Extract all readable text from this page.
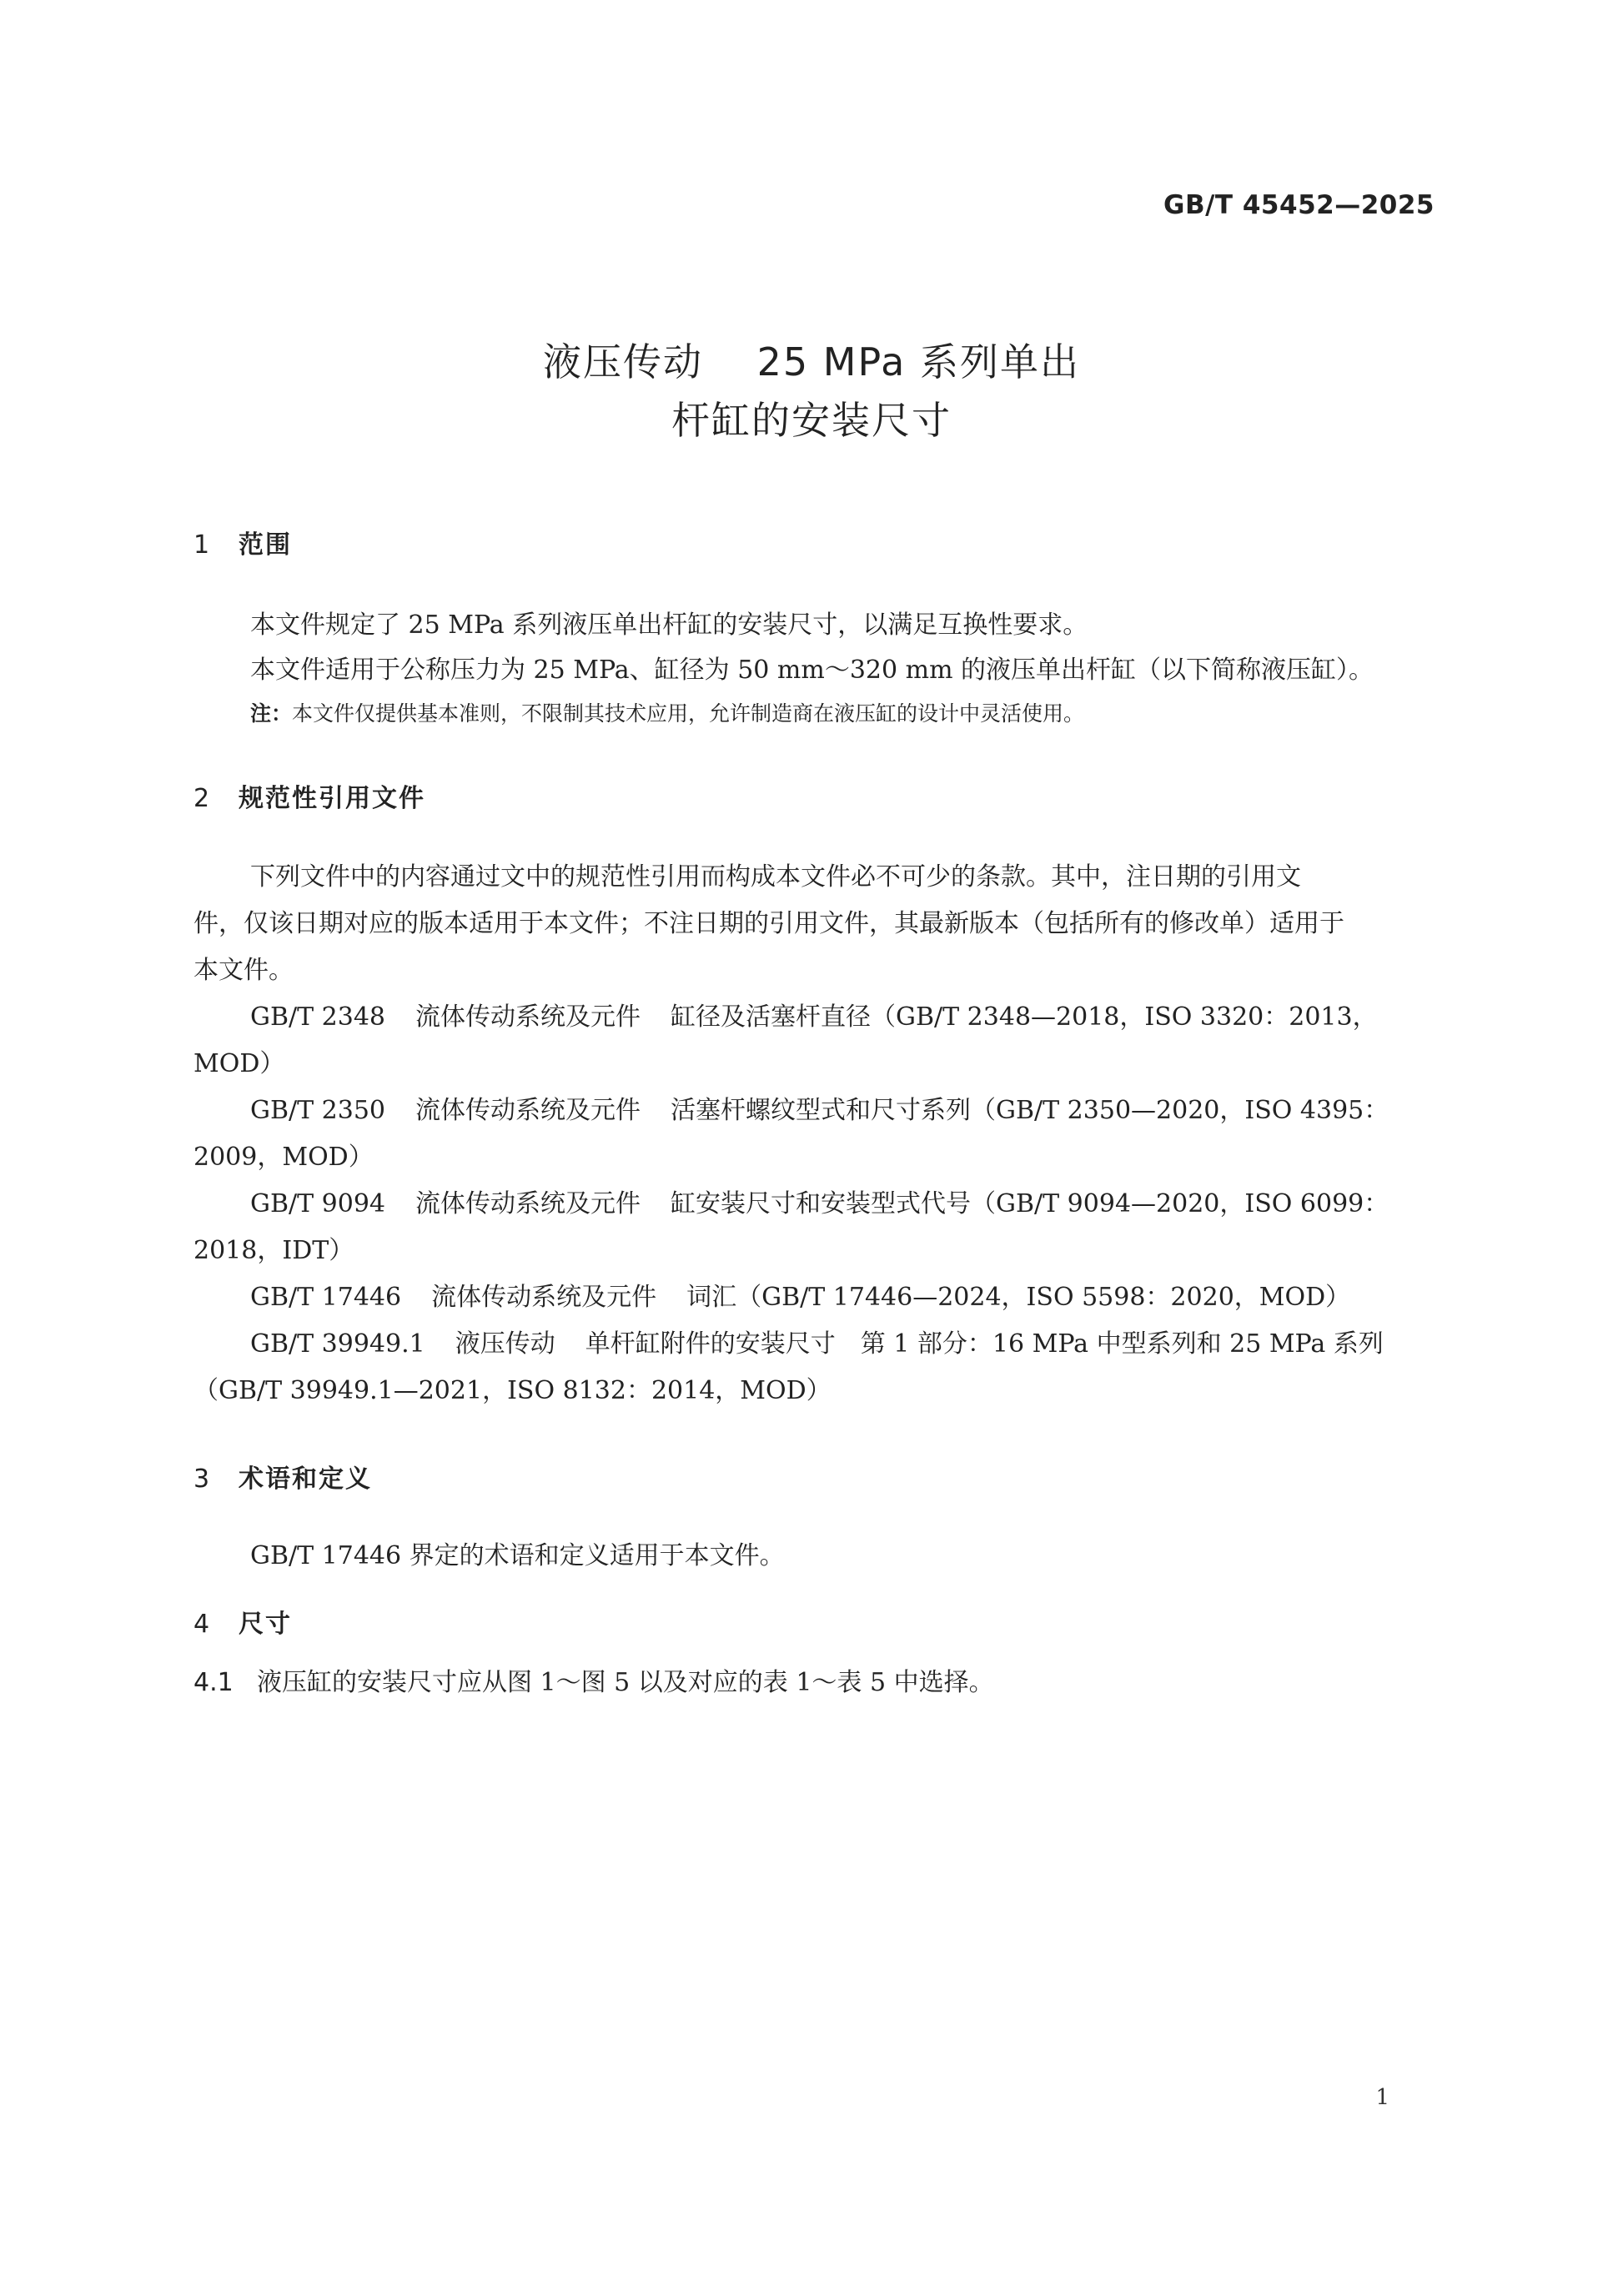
GB/T 45452—2025
液压传动　 25 MPa 系列单出
杆缸的安装尺寸
1 范围
本文件规定了 25 MPa 系列液压单出杆缸的安装尺寸，以满足互换性要求。
本文件适用于公称压力为 25 MPa、缸径为 50 mm～320 mm 的液压单出杆缸（以下简称液压缸）。
注：本文件仅提供基本准则，不限制其技术应用，允许制造商在液压缸的设计中灵活使用。
2 规范性引用文件
下列文件中的内容通过文中的规范性引用而构成本文件必不可少的条款。其中，注日期的引用文
件，仅该日期对应的版本适用于本文件；不注日期的引用文件，其最新版本（包括所有的修改单）适用于
本文件。
GB/T 2348 流体传动系统及元件 缸径及活塞杆直径（GB/T 2348—2018，ISO 3320：2013，
MOD）
GB/T 2350 流体传动系统及元件 活塞杆螺纹型式和尺寸系列（GB/T 2350—2020，ISO 4395：
2009，MOD）
GB/T 9094 流体传动系统及元件 缸安装尺寸和安装型式代号（GB/T 9094—2020，ISO 6099：
2018，IDT）
GB/T 17446 流体传动系统及元件 词汇（GB/T 17446—2024，ISO 5598：2020，MOD）
GB/T 39949.1 液压传动 单杆缸附件的安装尺寸　第 1 部分：16 MPa 中型系列和 25 MPa 系列
（GB/T 39949.1—2021，ISO 8132：2014，MOD）
3 术语和定义
GB/T 17446 界定的术语和定义适用于本文件。
4 尺寸
4.1 液压缸的安装尺寸应从图 1～图 5 以及对应的表 1～表 5 中选择。
1
